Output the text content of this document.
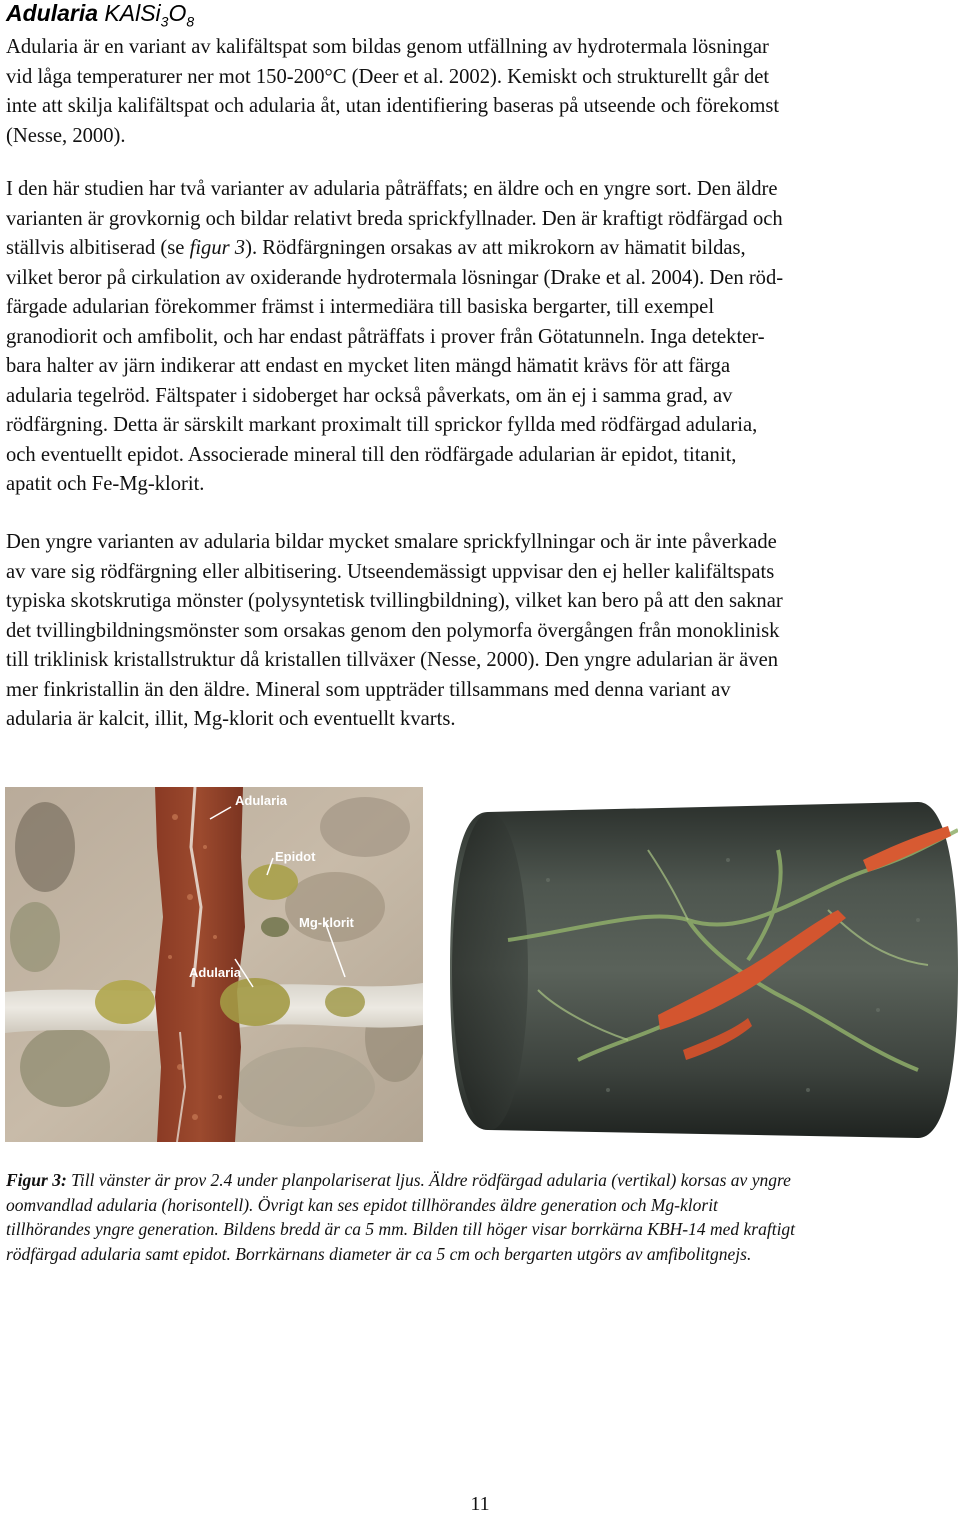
Adularia $KAlSi_3O_8$
Adularia är en variant av kalifältspat som bildas genom utfällning av hydrotermala lösningar
vid låga temperaturer ner mot 150-200°C (Deer et al. 2002). Kemiskt och strukturellt går det
inte att skilja kalifältspat och adularia åt, utan identifiering baseras på utseende och förekomst
(Nesse, 2000).
I den här studien har två varianter av adularia påträffats; en äldre och en yngre sort. Den äldre
varianten är grovkornig och bildar relativt breda sprickfyllnader. Den är kraftigt rödfärgad och
ställvis albitiserad (se figur 3). Rödfärgningen orsakas av att mikrokorn av hämatit bildas,
vilket beror på cirkulation av oxiderande hydrotermala lösningar (Drake et al. 2004). Den röd-
färgade adularian förekommer främst i intermediära till basiska bergarter, till exempel
granodiorit och amfibolit, och har endast påträffats i prover från Götatunneln. Inga detekter-
bara halter av järn indikerar att endast en mycket liten mängd hämatit krävs för att färga
adularia tegelröd. Fältspater i sidoberget har också påverkats, om än ej i samma grad, av
rödfärgning. Detta är särskilt markant proximalt till sprickor fyllda med rödfärgad adularia,
och eventuellt epidot. Associerade mineral till den rödfärgade adularian är epidot, titanit,
apatit och Fe-Mg-klorit.
Den yngre varianten av adularia bildar mycket smalare sprickfyllningar och är inte påverkade
av vare sig rödfärgning eller albitisering. Utseendemässigt uppvisar den ej heller kalifältspats
typiska skotskrutiga mönster (polysyntetisk tvillingbildning), vilket kan bero på att den saknar
det tvillingbildningsmönster som orsakas genom den polymorfa övergången från monoklinisk
till triklinisk kristallstruktur då kristallen tillväxer (Nesse, 2000). Den yngre adularian är även
mer finkristallin än den äldre. Mineral som uppträder tillsammans med denna variant av
adularia är kalcit, illit, Mg-klorit och eventuellt kvarts.
Adularia
Epidot
Mg-klorit
Adularia
Figur 3: Till vänster är prov 2.4 under planpolariserat ljus. Äldre rödfärgad adularia (vertikal) korsas av yngre
oomvandlad adularia (horisontell). Övrigt kan ses epidot tillhörandes äldre generation och Mg-klorit
tillhörandes yngre generation. Bildens bredd är ca 5 mm. Bilden till höger visar borrkärna KBH-14 med kraftigt
rödfärgad adularia samt epidot. Borrkärnans diameter är ca 5 cm och bergarten utgörs av amfibolitgnejs.
11
